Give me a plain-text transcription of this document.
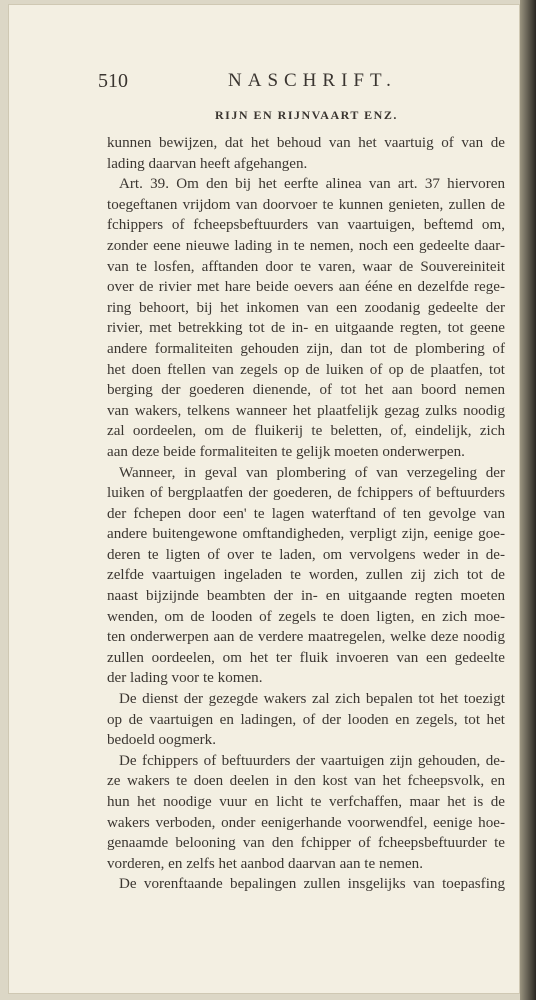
510	NASCHRIFT.
RIJN EN RIJNVAART ENZ.
kunnen bewijzen, dat het behoud van het vaartuig of van de
lading daarvan heeft afgehangen.
Art. 39. Om den bij het eerfte alinea van art. 37 hiervoren
toegeftanen vrijdom van doorvoer te kunnen genieten, zullen de
fchippers of fcheepsbeftuurders van vaartuigen, beftemd om,
zonder eene nieuwe lading in te nemen, noch een gedeelte daar-
van te losfen, afftanden door te varen, waar de Souvereiniteit
over de rivier met hare beide oevers aan ééne en dezelfde rege-
ring behoort, bij het inkomen van een zoodanig gedeelte der
rivier, met betrekking tot de in- en uitgaande regten, tot geene
andere formaliteiten gehouden zijn, dan tot de plombering of
het doen ftellen van zegels op de luiken of op de plaatfen, tot
berging der goederen dienende, of tot het aan boord nemen
van wakers, telkens wanneer het plaatfelijk gezag zulks noodig
zal oordeelen, om de fluikerij te beletten, of, eindelijk, zich
aan deze beide formaliteiten te gelijk moeten onderwerpen.
Wanneer, in geval van plombering of van verzegeling der
luiken of bergplaatfen der goederen, de fchippers of beftuurders
der fchepen door een' te lagen waterftand of ten gevolge van
andere buitengewone omftandigheden, verpligt zijn, eenige goe-
deren te ligten of over te laden, om vervolgens weder in de-
zelfde vaartuigen ingeladen te worden, zullen zij zich tot de
naast bijzijnde beambten der in- en uitgaande regten moeten
wenden, om de looden of zegels te doen ligten, en zich moe-
ten onderwerpen aan de verdere maatregelen, welke deze noodig
zullen oordeelen, om het ter fluik invoeren van een gedeelte
der lading voor te komen.
De dienst der gezegde wakers zal zich bepalen tot het toezigt
op de vaartuigen en ladingen, of der looden en zegels, tot het
bedoeld oogmerk.
De fchippers of beftuurders der vaartuigen zijn gehouden, de-
ze wakers te doen deelen in den kost van het fcheepsvolk, en
hun het noodige vuur en licht te verfchaffen, maar het is de
wakers verboden, onder eenigerhande voorwendfel, eenige hoe-
genaamde belooning van den fchipper of fcheepsbeftuurder te
vorderen, en zelfs het aanbod daarvan aan te nemen.
De vorenftaande bepalingen zullen insgelijks van toepasfing
